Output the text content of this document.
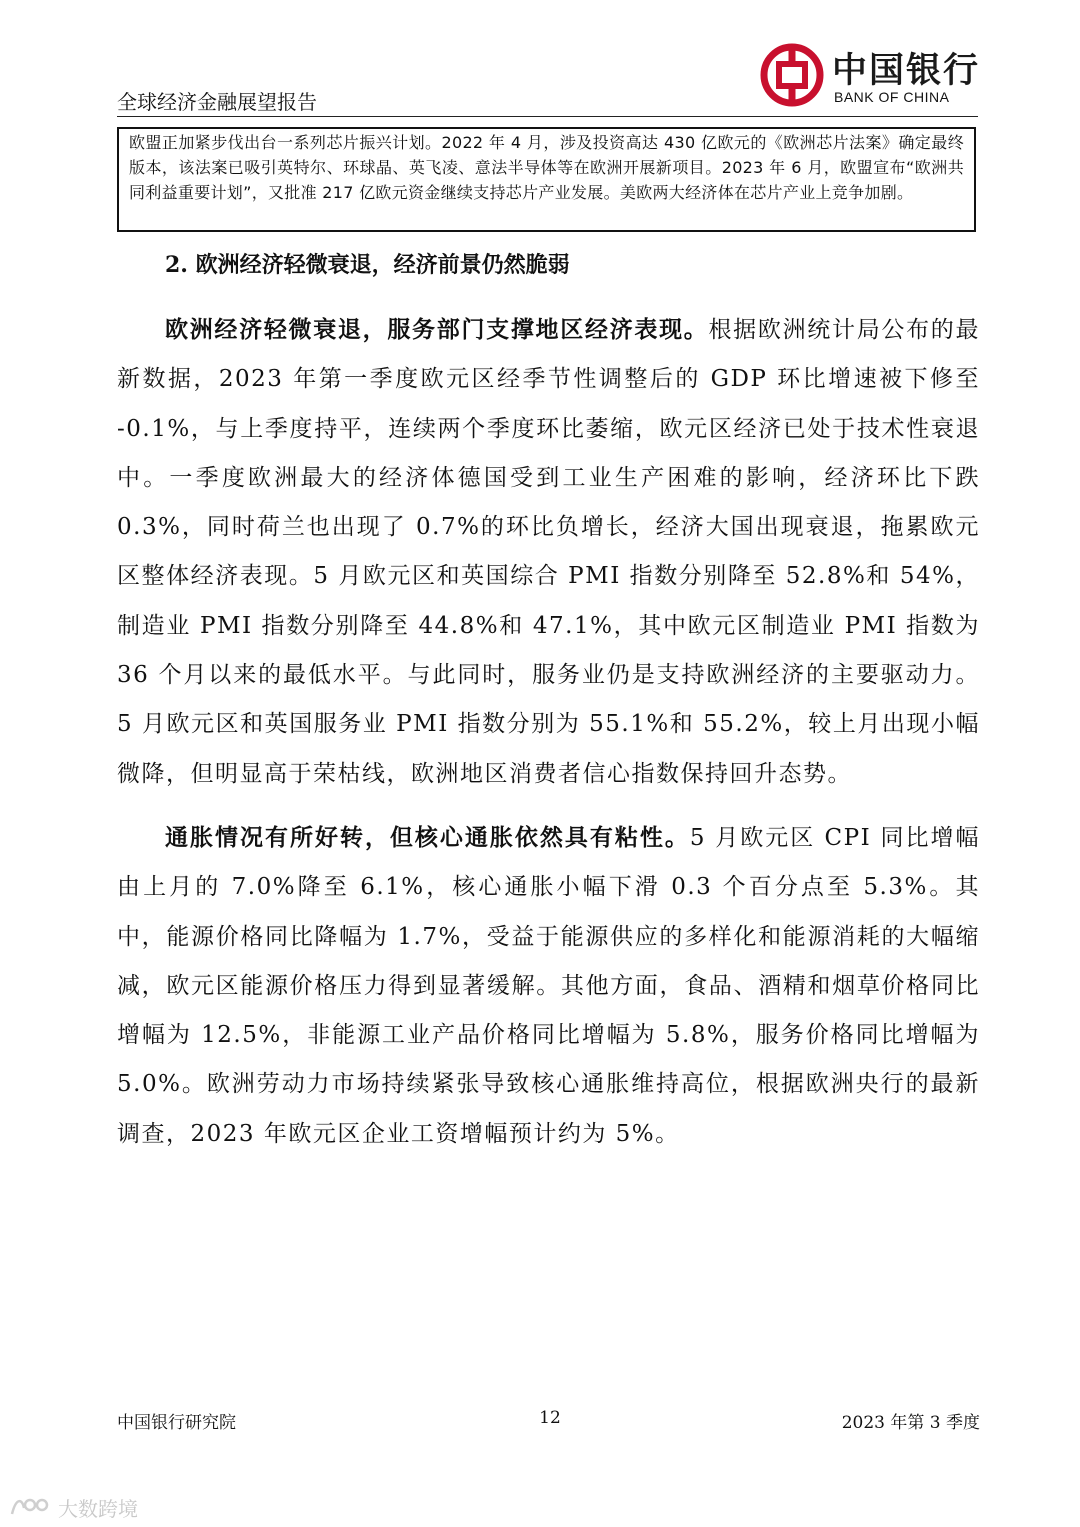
全球经济金融展望报告
中国银行
BANK OF CHINA
欧盟正加紧步伐出台一系列芯片振兴计划。2022 年 4 月，涉及投资高达 430 亿欧元的《欧洲芯片法案》确定最终版本，该法案已吸引英特尔、环球晶、英飞凌、意法半导体等在欧洲开展新项目。2023 年 6 月，欧盟宣布“欧洲共同利益重要计划”，又批准 217 亿欧元资金继续支持芯片产业发展。美欧两大经济体在芯片产业上竞争加剧。
2. 欧洲经济轻微衰退，经济前景仍然脆弱

欧洲经济轻微衰退，服务部门支撑地区经济表现。根据欧洲统计局公布的最新数据，2023 年第一季度欧元区经季节性调整后的 GDP 环比增速被下修至 -0.1%，与上季度持平，连续两个季度环比萎缩，欧元区经济已处于技术性衰退中。一季度欧洲最大的经济体德国受到工业生产困难的影响，经济环比下跌 0.3%，同时荷兰也出现了 0.7%的环比负增长，经济大国出现衰退，拖累欧元区整体经济表现。5 月欧元区和英国综合 PMI 指数分别降至 52.8%和 54%，制造业 PMI 指数分别降至 44.8%和 47.1%，其中欧元区制造业 PMI 指数为 36 个月以来的最低水平。与此同时，服务业仍是支持欧洲经济的主要驱动力。5 月欧元区和英国服务业 PMI 指数分别为 55.1%和 55.2%，较上月出现小幅微降，但明显高于荣枯线，欧洲地区消费者信心指数保持回升态势。

通胀情况有所好转，但核心通胀依然具有粘性。5 月欧元区 CPI 同比增幅由上月的 7.0%降至 6.1%，核心通胀小幅下滑 0.3 个百分点至 5.3%。其中，能源价格同比降幅为 1.7%，受益于能源供应的多样化和能源消耗的大幅缩减，欧元区能源价格压力得到显著缓解。其他方面，食品、酒精和烟草价格同比增幅为 12.5%，非能源工业产品价格同比增幅为 5.8%，服务价格同比增幅为 5.0%。欧洲劳动力市场持续紧张导致核心通胀维持高位，根据欧洲央行的最新调查，2023 年欧元区企业工资增幅预计约为 5%。

中国银行研究院	12	2023 年第 3 季度
大数跨境
